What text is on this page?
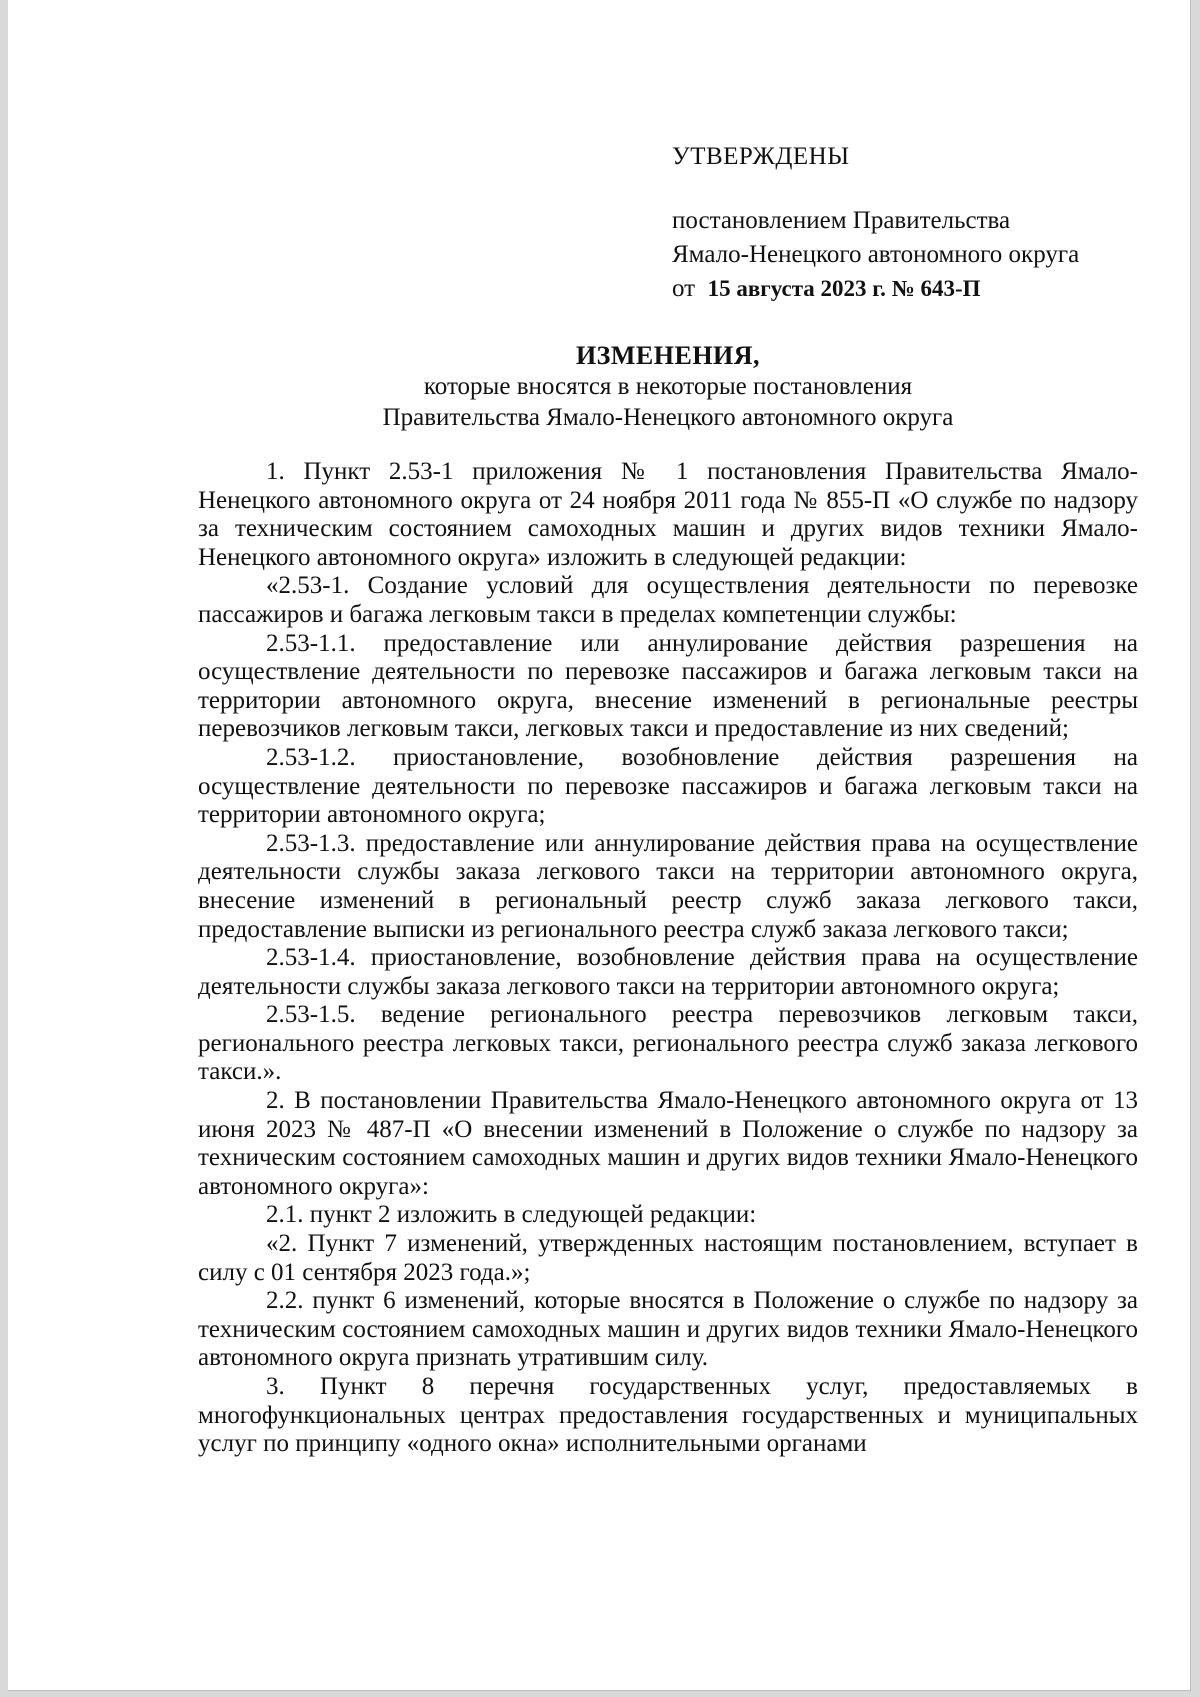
УТВЕРЖДЕНЫ
постановлением Правительства
Ямало-Ненецкого автономного округа
от 15 августа 2023 г. № 643-П
ИЗМЕНЕНИЯ,
которые вносятся в некоторые постановления
Правительства Ямало-Ненецкого автономного округа

1. Пункт 2.53-1 приложения № 1 постановления Правительства Ямало-Ненецкого автономного округа от 24 ноября 2011 года № 855-П «О службе по надзору за техническим состоянием самоходных машин и других видов техники Ямало-Ненецкого автономного округа» изложить в следующей редакции:

«2.53-1. Создание условий для осуществления деятельности по перевозке пассажиров и багажа легковым такси в пределах компетенции службы:

2.53-1.1. предоставление или аннулирование действия разрешения на осуществление деятельности по перевозке пассажиров и багажа легковым такси на территории автономного округа, внесение изменений в региональные реестры перевозчиков легковым такси, легковых такси и предоставление из них сведений;

2.53-1.2. приостановление, возобновление действия разрешения на осуществление деятельности по перевозке пассажиров и багажа легковым такси на территории автономного округа;

2.53-1.3. предоставление или аннулирование действия права на осуществление деятельности службы заказа легкового такси на территории автономного округа, внесение изменений в региональный реестр служб заказа легкового такси, предоставление выписки из регионального реестра служб заказа легкового такси;

2.53-1.4. приостановление, возобновление действия права на осуществление деятельности службы заказа легкового такси на территории автономного округа;

2.53-1.5. ведение регионального реестра перевозчиков легковым такси, регионального реестра легковых такси, регионального реестра служб заказа легкового такси.».

2. В постановлении Правительства Ямало-Ненецкого автономного округа от 13 июня 2023 № 487-П «О внесении изменений в Положение о службе по надзору за техническим состоянием самоходных машин и других видов техники Ямало-Ненецкого автономного округа»:

2.1. пункт 2 изложить в следующей редакции:

«2. Пункт 7 изменений, утвержденных настоящим постановлением, вступает в силу с 01 сентября 2023 года.»;

2.2. пункт 6 изменений, которые вносятся в Положение о службе по надзору за техническим состоянием самоходных машин и других видов техники Ямало-Ненецкого автономного округа признать утратившим силу.

3. Пункт 8 перечня государственных услуг, предоставляемых в многофункциональных центрах предоставления государственных и муниципальных услуг по принципу «одного окна» исполнительными органами
